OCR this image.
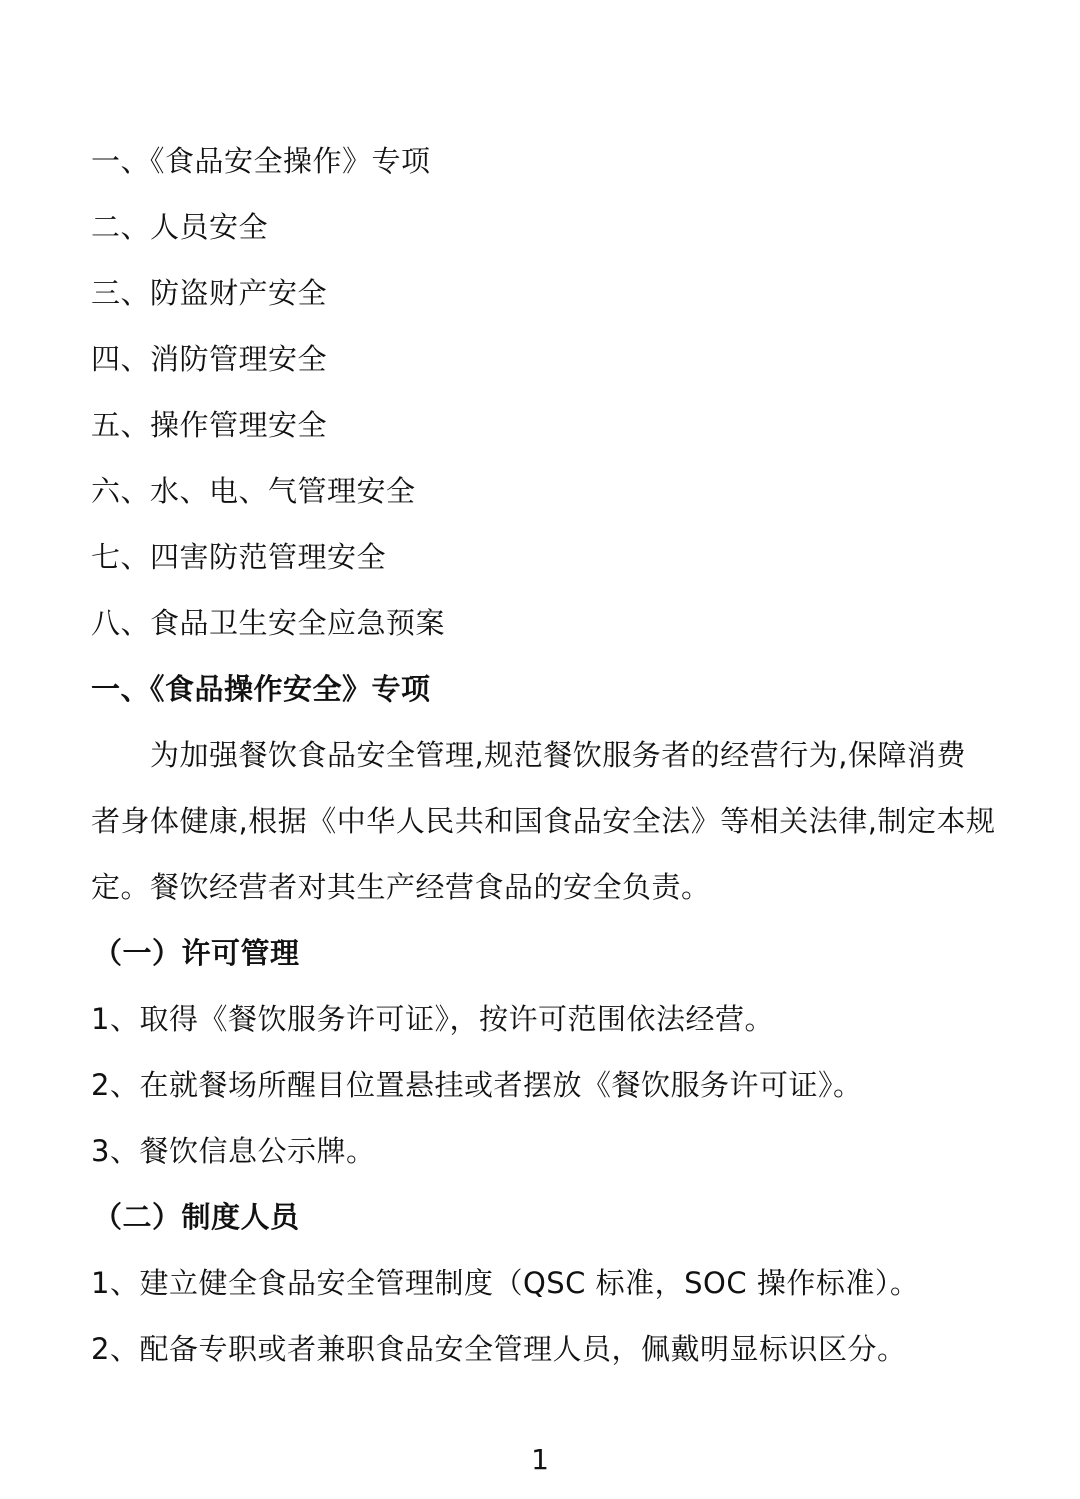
一、《食品安全操作》专项
二、人员安全
三、防盗财产安全
四、消防管理安全
五、操作管理安全
六、水、电、气管理安全
七、四害防范管理安全
八、食品卫生安全应急预案
一、《食品操作安全》专项
为加强餐饮食品安全管理,规范餐饮服务者的经营行为,保障消费
者身体健康,根据《中华人民共和国食品安全法》等相关法律,制定本规
定。餐饮经营者对其生产经营食品的安全负责。
（一）许可管理
1、取得《餐饮服务许可证》，按许可范围依法经营。
2、在就餐场所醒目位置悬挂或者摆放《餐饮服务许可证》。
3、餐饮信息公示牌。
（二）制度人员
1、建立健全食品安全管理制度（QSC 标准，SOC 操作标准）。
2、配备专职或者兼职食品安全管理人员，佩戴明显标识区分。
1
